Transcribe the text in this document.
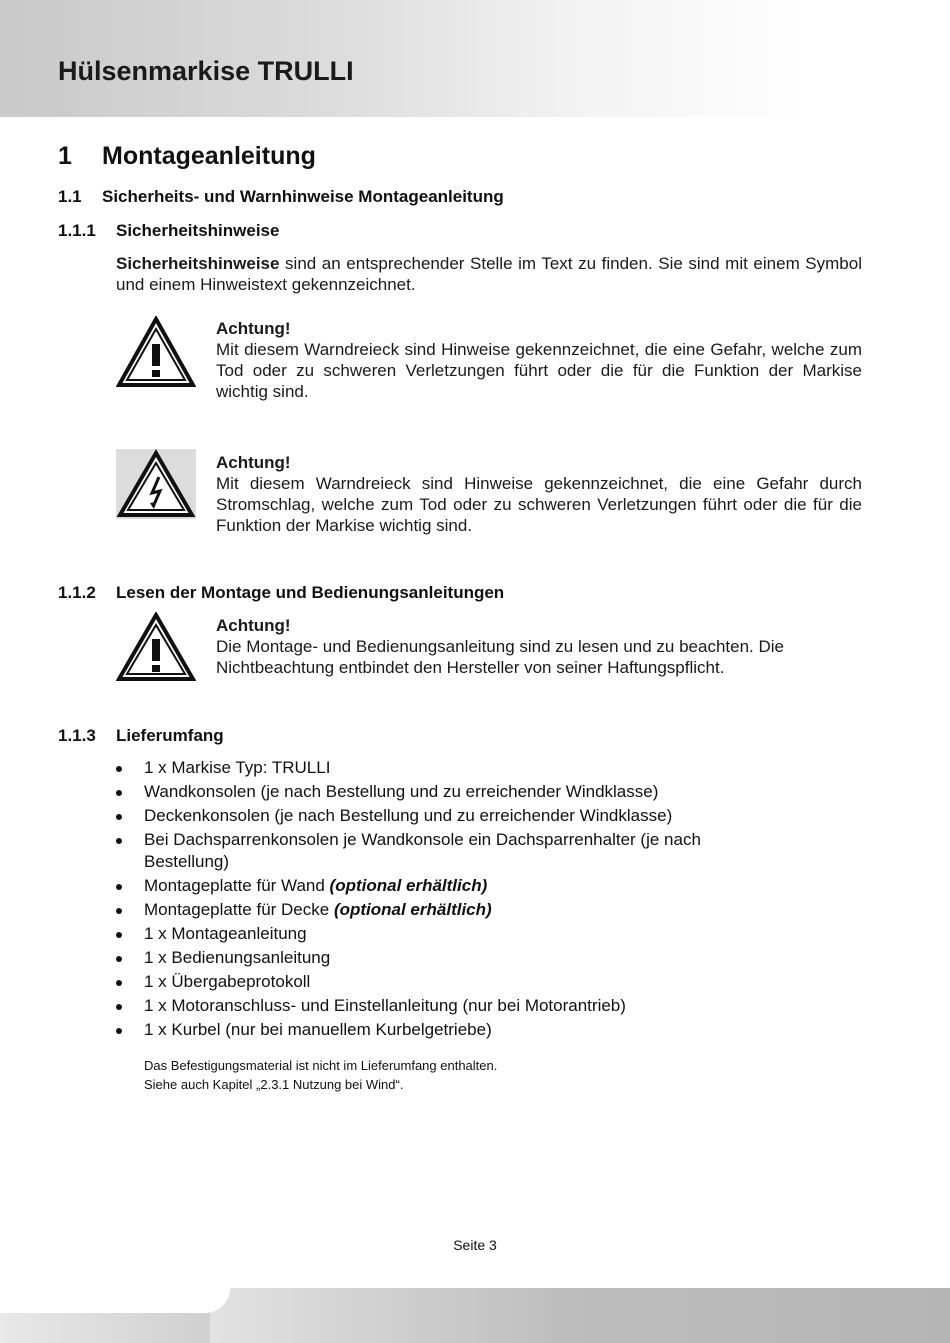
Hülsenmarkise TRULLI
1 Montageanleitung
1.1 Sicherheits- und Warnhinweise Montageanleitung
1.1.1 Sicherheitshinweise
Sicherheitshinweise sind an entsprechender Stelle im Text zu finden. Sie sind mit einem Symbol und einem Hinweistext gekennzeichnet.
Achtung!
Mit diesem Warndreieck sind Hinweise gekennzeichnet, die eine Gefahr, welche zum Tod oder zu schweren Verletzungen führt oder die für die Funktion der Markise wichtig sind.
Achtung!
Mit diesem Warndreieck sind Hinweise gekennzeichnet, die eine Gefahr durch Stromschlag, welche zum Tod oder zu schweren Verletzungen führt oder die für die Funktion der Markise wichtig sind.
1.1.2 Lesen der Montage und Bedienungsanleitungen
Achtung!
Die Montage- und Bedienungsanleitung sind zu lesen und zu beachten. Die Nichtbeachtung entbindet den Hersteller von seiner Haftungspflicht.
1.1.3 Lieferumfang
1 x Markise Typ: TRULLI
Wandkonsolen (je nach Bestellung und zu erreichender Windklasse)
Deckenkonsolen (je nach Bestellung und zu erreichender Windklasse)
Bei Dachsparrenkonsolen je Wandkonsole ein Dachsparrenhalter (je nach Bestellung)
Montageplatte für Wand (optional erhältlich)
Montageplatte für Decke (optional erhältlich)
1 x Montageanleitung
1 x Bedienungsanleitung
1 x Übergabeprotokoll
1 x Motoranschluss- und Einstellanleitung (nur bei Motorantrieb)
1 x Kurbel (nur bei manuellem Kurbelgetriebe)
Das Befestigungsmaterial ist nicht im Lieferumfang enthalten.
Siehe auch Kapitel „2.3.1 Nutzung bei Wind“.
Seite 3
